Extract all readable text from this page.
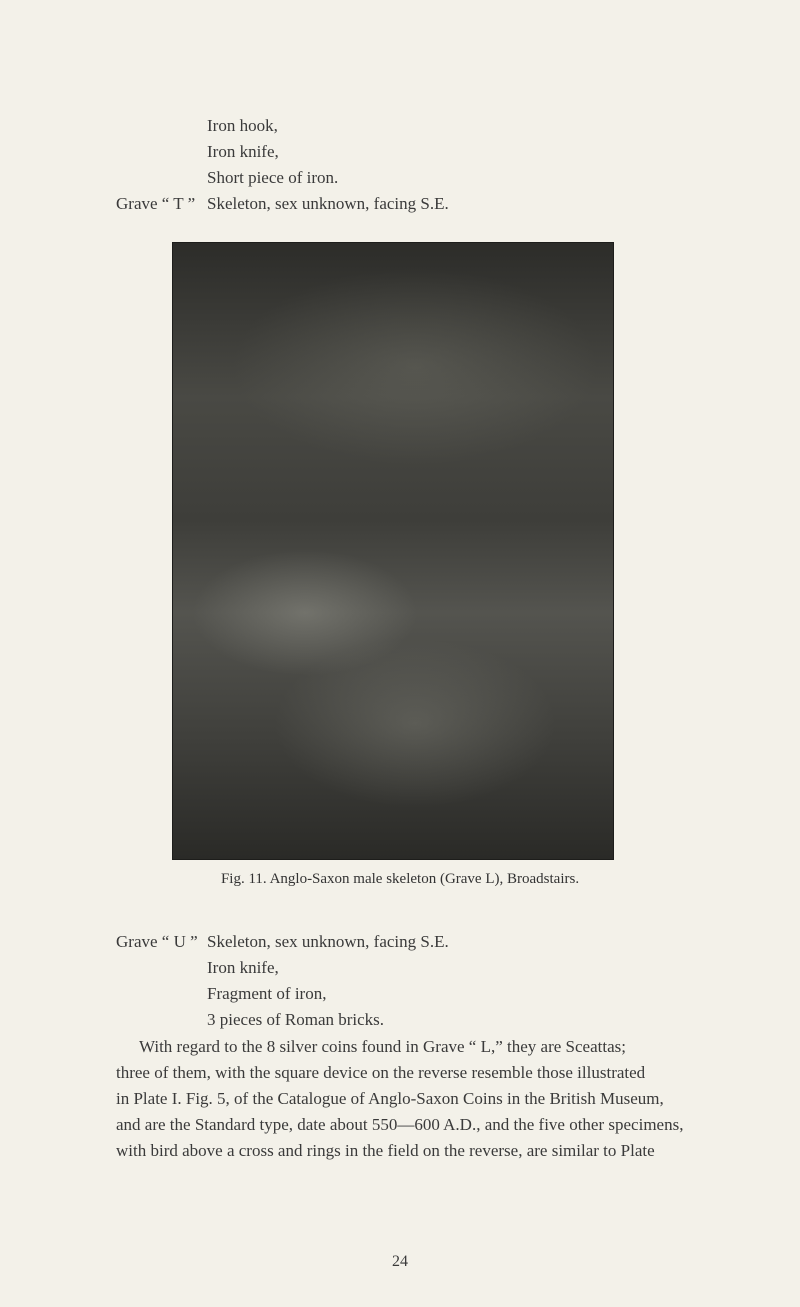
Iron hook,
Iron knife,
Short piece of iron.
Grave “ T ” Skeleton, sex unknown, facing S.E.
Fig. 11. Anglo-Saxon male skeleton (Grave L), Broadstairs.
Grave “ U ” Skeleton, sex unknown, facing S.E.
Iron knife,
Fragment of iron,
3 pieces of Roman bricks.
With regard to the 8 silver coins found in Grave “ L,” they are Sceattas;
three of them, with the square device on the reverse resemble those illustrated
in Plate I. Fig. 5, of the Catalogue of Anglo-Saxon Coins in the British Museum,
and are the Standard type, date about 550—600 A.D., and the five other specimens,
with bird above a cross and rings in the field on the reverse, are similar to Plate
24
